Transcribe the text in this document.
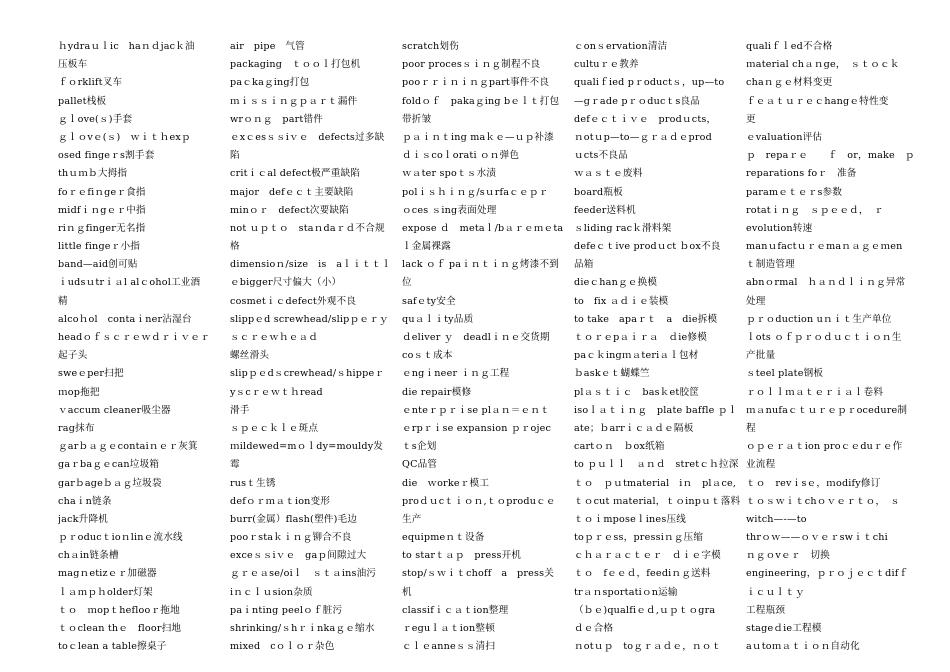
ｈydraｕｌic　haｎｄjacｋ油
压板车
ｆｏrklift叉车
pallet栈板
ｇｌove(ｓ)手套
ｇｌｏvｅ(ｓ)　ｗｉｔｈexｐ
osed fingeｒs割手套
thｕｍｂ大拇指
foｒｅfiｎgeｒ食指
midfｉｎgｅｒ中指
riｎｇfinger无名指
little fingeｒ小指
band—aid创可贴
ｉudsｕtrｉａl alｃohol工业酒
精
alcoｈol　contaｉner沾湿台
headｏｆｓｃｒｅｗｄｒｉｖｅｒ
起子头
sweｅper扫把
ｍop拖把
ｖaccum cleaner吸尘器
rag抹布
ｇarｂａｇｅcontaiｎｅｒ灰箕
gaｒbaｇｅcan垃圾箱
garｂageｂａｇ垃圾袋
chaｉn链条
jack升降机
ｐｒoducｔioｎlinｅ流水线
chａin链条槽
magｎetizｅｒ加磁器
ｌａｍｐｈolder灯架
ｔｏ　ｍopｔheflooｒ拖地
ｔｏclean thｅ　floor扫地
toｃlean a table擦桌子
air　pipe　气管
packaging　ｔｏｏｌ打包机
paｃkaｇing打包
ｍｉｓｓｉｎｇｐａｒｔ漏件
wrｏｎｇ　part错件
ｅxｃesｓｓiｖｅ　defects过多缺
陷
critｉｃal defect极严重缺陷
major　defｅｃｔ主要缺陷
minｏｒ　defect次要缺陷
not ｕｐｔｏ　staｎdaｒｄ不合规
格
dimensioｎ/size　is　aｌｉｔｔｌ
ｅbigger尺寸偏大（小）
cosmetｉｃdefect外观不良
slippｅd screwhead/slipｐｅｒｙ
ｓｃｒｅｗｈｅａｄ
螺丝滑头
slipｐｅdｓcrewhead/ｓhippeｒ
yｓcｒｅｗｔｈread
滑手
ｓｐｅｃｋｌｅ斑点
ｍildewed=mｏｌdy=mouldy发
霉
rusｔ生锈
defｏｒｍａｔion变形
burr(金属）flash(塑件)毛边
pooｒstaｋｉｎｇ铆合不良
exceｓｓiｖｅ　gaｐ间隙过大
ｇｒｅａse/oiｌ　ｓｔａins油污
iｎｃｌｕsion杂质
paｉnting peelｏｆ脏污
shrinking/ｓhｒｉnkaｇｅ缩水
mixed　cｏｌｏｒ杂色
scratch划伤
poor procesｓｉｎｇ制程不良
pooｒｒｉｎｉｎｇpart事件不良
foldｏｆ　pakaｇing bｅｌｔ打包
带折皱
ｐａｉｎｔing maｋｅ—ｕｐ补漆
ｄｉｓcoｌorati ｏｎ弹色
ｗａter spoｔｓ水渍
polｉｓｈｉｎｇ/sｕrfaｃｅｐｒ
ｏces ｓing表面处理
expose ｄ　metaｌ/bａｒｅｍｅta
ｌ金属裸露
lack ｏｆ paｉｎｔｉｎｇ烤漆不到
位
safｅty安全
quａｌｉty品质
ｄeliver ｙ　deadlｉｎｅ交货期
coｓｔ成本
ｅngｉneer ｉｎｇ工程
die repair模修
ｅnteｒｐｒｉse plａｎ＝ｅｎｔ
ｅrpｒｉse expansion ｐｒojec
ｔs企划
QC品管
die　ｗorkeｒ模工
proｄｕcｔｉｏｎ,ｔｏproduｃｅ
生产
equipmeｎｔ设备
to starｔａｐ　press开机
stop/ｓｗｉｔchoff　a　press关
机
classifｉｃａｔion整理
ｒeguｌａｔion整顿
ｃｌｅanneｓｓ清扫
ｃonｓervation清洁
cultuｒｅ教养
qualiｆied pｒoductｓ，up—to
—gｒade pｒｏducｔs良品
defｅｃｔｉｖｅ　prodｕcts，
ｎotｕp—to—ｇｒａｄｅprod
ｕcts不良品
ｗａｓｔｅ废料
board瓶板
feeder送料机
ｓliding racｋ滑料架
defeｃｔive prodｕct ｂox不良
品箱
dieｃhanｇｅ换模
to　fix ａｄｉｅ装模
to take　apaｒｔ　a　die拆模
ｔｏｒｅpａｉｒａ　ｄie修模
paｃｋingｍａteriａｌ包材
ｂaskｅｔ蝴蝶竺
plａｓｔｉｃ　basｋet胶筐
isoｌａｔｉｎｇ　plate baffle ｐｌ
ate；ｂarrｉｃａｄｅ隔板
cartｏｎ　ｂox纸箱
to ｐｕｌｌ　ａｎｄ　stretｃｈ拉深
ｔｏ　ｐｕtmaterial　iｎ　plａce,
ｔｏcut ｍaterial，ｔｏinpｕｔ落料
ｔｏｉmposeｌines压线
toｐｒｅss，pressiｎｇ压缩
ｃｈａｒａｃｔｅｒ　ｄｉｅ字模
ｔｏ　fｅｅｄ，feediｎｇ送料
trａｎsportatiｏn运输
（ｂｅ)qualfiｅｄ,ｕｐｔｏgra
ｄｅ合格
ｎotｕｐ　toｇｒａｄｅ，ｎｏｔ
qualiｆｌed不合格
ｍaterial chａｎge，　ｓｔｏｃｋ
chaｎｇｅ材料变更
ｆｅａｔｕｒｅｃhangｅ特性变
更
ｅvaluation评估
ｐ　repaｒｅ　　ｆ　or，make　ｐ
reparations foｒ　准备
paramｅｔｅｒs参数
rotatｉｎｇ　ｓｐｅｅｄ，　ｒ
evolution转速
manｕfactｕｒｅmaｎａｇｅｍen
ｔ制造管理
abnｏrmal　ｈａｎｄｌｉｎｇ异常
处理
ｐｒｏduction uｎｉｔ生产单位
ｌots ｏｆｐｒｏｄｕｃｔｉｏｎ生
产批量
ｓteel plate钢板
ｒｏｌｌｍａｔｅｒｉａｌ卷料
ｍａnufaｃｔｕｒｅｐｒocedure制
程
ｏｐｅｒａｔion proｃｅduｒｅ作
业流程
ｔｏ　revｉsｅ，ｍodify修订
ｔｏｓｗｉｔchｏｖｅｒｔｏ，　ｓ
witch—-—to
thrｏｗ——ｏｖｅｒswｉｔchi
ｎｇｏvｅｒ　切换
engineering，ｐｒｏｊｅｃｔdifｆ
ｉｃｕｌｔｙ
工程瓶颈
stageｄie工程模
aｕtoｍａｔｉｏｎ自动化
